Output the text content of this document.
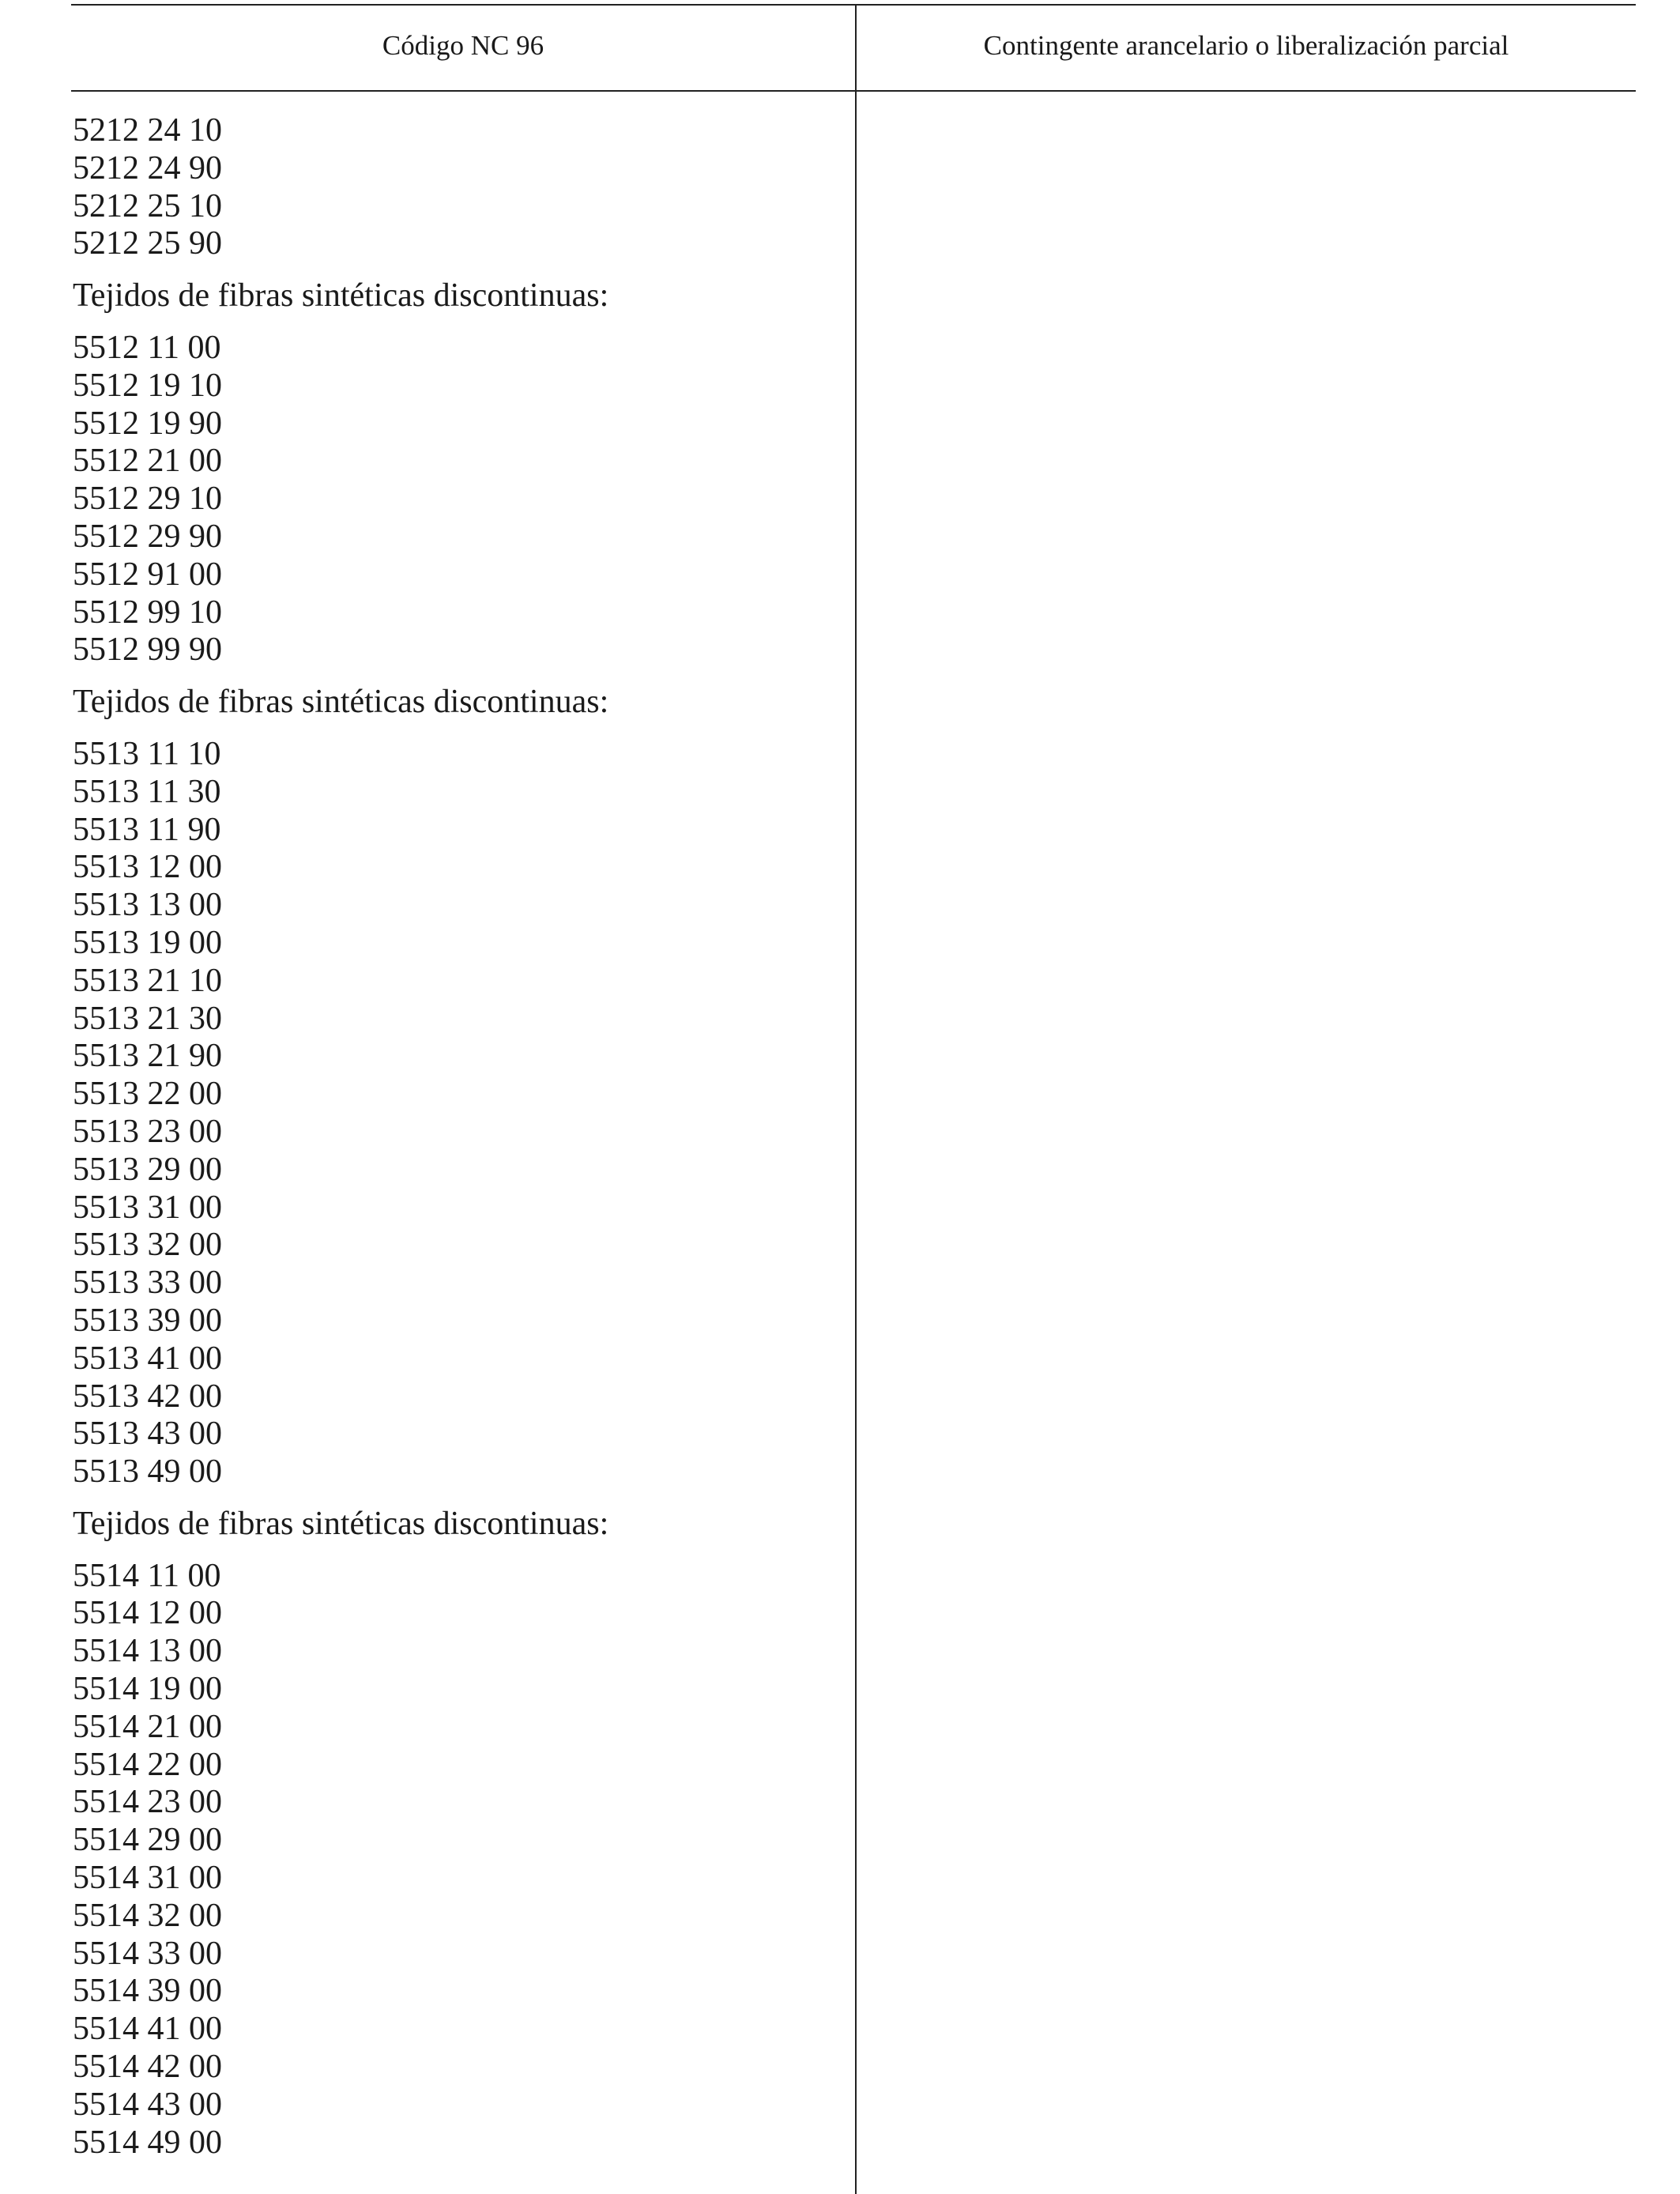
Código NC 96	Contingente arancelario o liberalización parcial
5212 24 10
5212 24 90
5212 25 10
5212 25 90
Tejidos de fibras sintéticas discontinuas:
5512 11 00
5512 19 10
5512 19 90
5512 21 00
5512 29 10
5512 29 90
5512 91 00
5512 99 10
5512 99 90
Tejidos de fibras sintéticas discontinuas:
5513 11 10
5513 11 30
5513 11 90
5513 12 00
5513 13 00
5513 19 00
5513 21 10
5513 21 30
5513 21 90
5513 22 00
5513 23 00
5513 29 00
5513 31 00
5513 32 00
5513 33 00
5513 39 00
5513 41 00
5513 42 00
5513 43 00
5513 49 00
Tejidos de fibras sintéticas discontinuas:
5514 11 00
5514 12 00
5514 13 00
5514 19 00
5514 21 00
5514 22 00
5514 23 00
5514 29 00
5514 31 00
5514 32 00
5514 33 00
5514 39 00
5514 41 00
5514 42 00
5514 43 00
5514 49 00
